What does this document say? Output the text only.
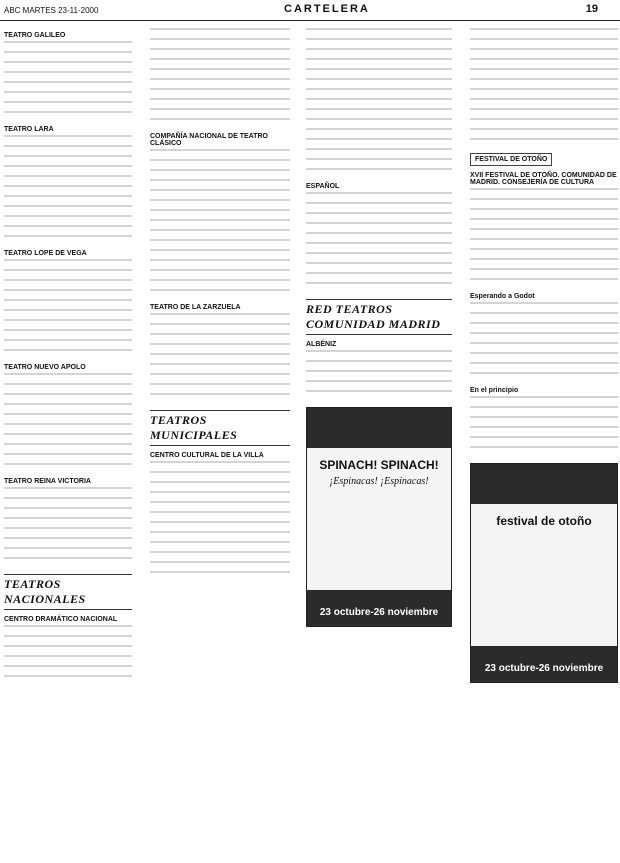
ABC MARTES 23-11-2000	CARTELERA	19
TEATRO GALILEO
TEATRO LARA
TEATRO LOPE DE VEGA
TEATRO NUEVO APOLO
TEATRO REINA VICTORIA
TEATROS NACIONALES
CENTRO DRAMÁTICO NACIONAL
COMPAÑÍA NACIONAL DE TEATRO CLÁSICO
TEATRO DE LA ZARZUELA
TEATROS MUNICIPALES
CENTRO CULTURAL DE LA VILLA
ESPAÑOL
RED TEATROS COMUNIDAD MADRID
ALBÉNIZ
SPINACH! SPINACH!
¡Espinacas! ¡Espinacas!
23 octubre-26 noviembre
FESTIVAL DE OTOÑO
XVII FESTIVAL DE OTOÑO. COMUNIDAD DE MADRID. CONSEJERÍA DE CULTURA
Esperando a Godot
En el principio
festival de otoño
23 octubre-26 noviembre
